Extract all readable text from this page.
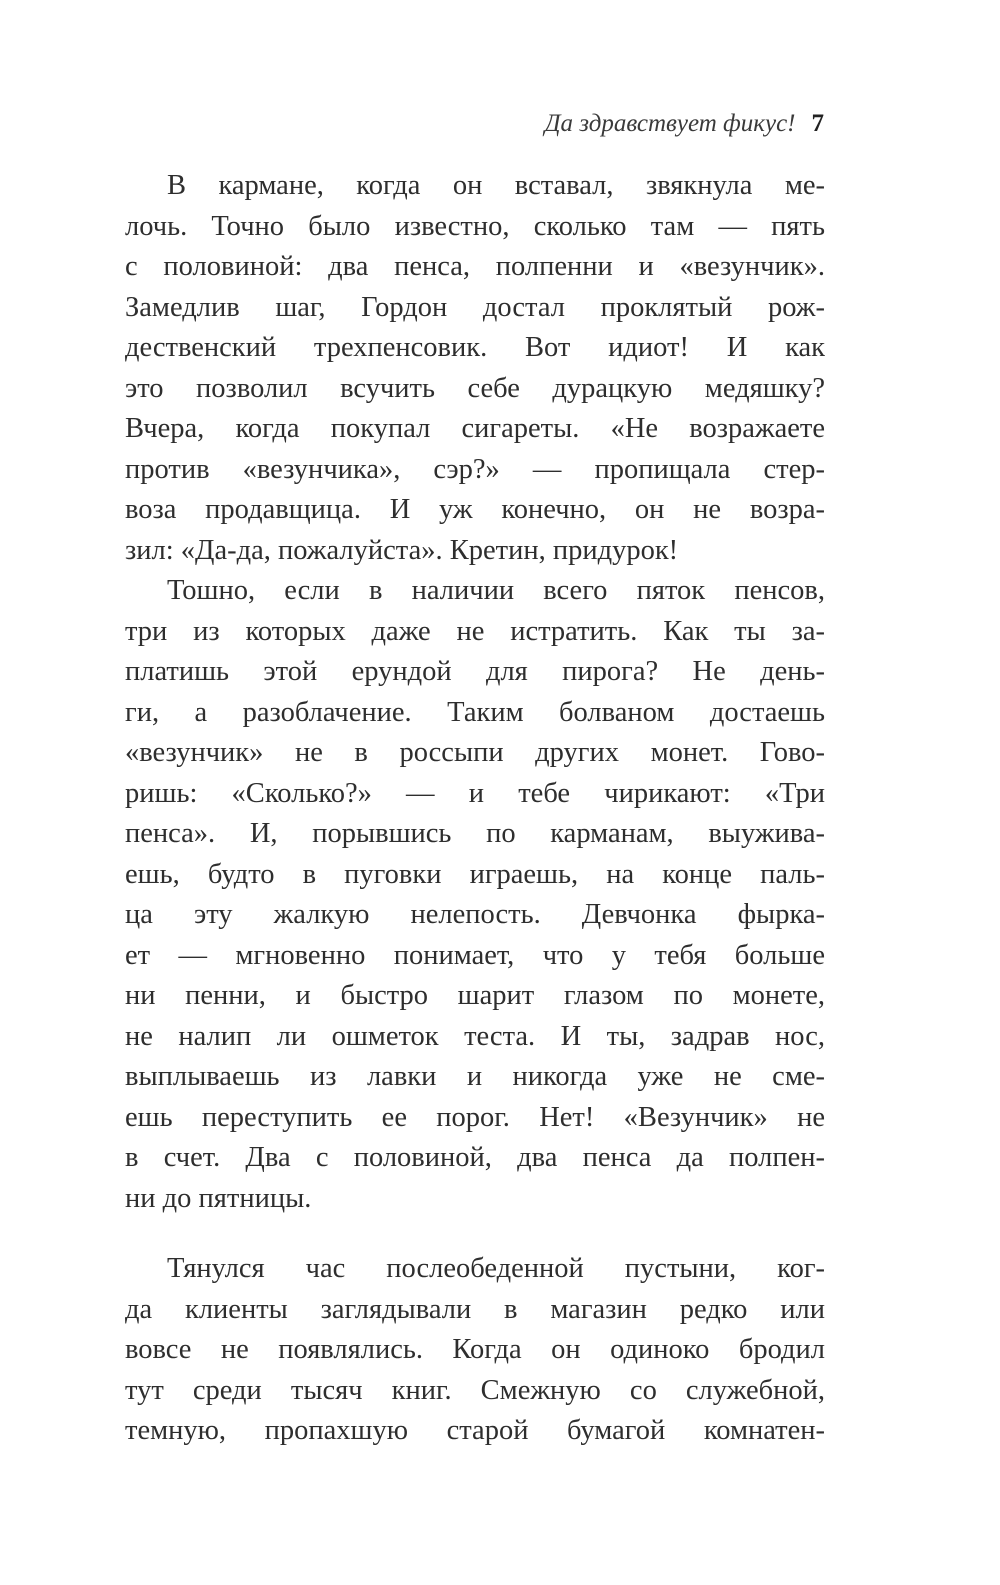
Да здравствует фикус! 7
В кармане, когда он вставал, звякнула ме-
лочь. Точно было известно, сколько там — пять
с половиной: два пенса, полпенни и «везунчик».
Замедлив шаг, Гордон достал проклятый рож-
дественский трехпенсовик. Вот идиот! И как
это позволил всучить себе дурацкую медяшку?
Вчера, когда покупал сигареты. «Не возражаете
против «везунчика», сэр?» — пропищала стер-
воза продавщица. И уж конечно, он не возра-
зил: «Да-да, пожалуйста». Кретин, придурок!
Тошно, если в наличии всего пяток пенсов,
три из которых даже не истратить. Как ты за-
платишь этой ерундой для пирога? Не день-
ги, а разоблачение. Таким болваном достаешь
«везунчик» не в россыпи других монет. Гово-
ришь: «Сколько?» — и тебе чирикают: «Три
пенса». И, порывшись по карманам, выужива-
ешь, будто в пуговки играешь, на конце паль-
ца эту жалкую нелепость. Девчонка фырка-
ет — мгновенно понимает, что у тебя больше
ни пенни, и быстро шарит глазом по монете,
не налип ли ошметок теста. И ты, задрав нос,
выплываешь из лавки и никогда уже не сме-
ешь переступить ее порог. Нет! «Везунчик» не
в счет. Два с половиной, два пенса да полпен-
ни до пятницы.
Тянулся час послеобеденной пустыни, ког-
да клиенты заглядывали в магазин редко или
вовсе не появлялись. Когда он одиноко бродил
тут среди тысяч книг. Смежную со служебной,
темную, пропахшую старой бумагой комнатен-
